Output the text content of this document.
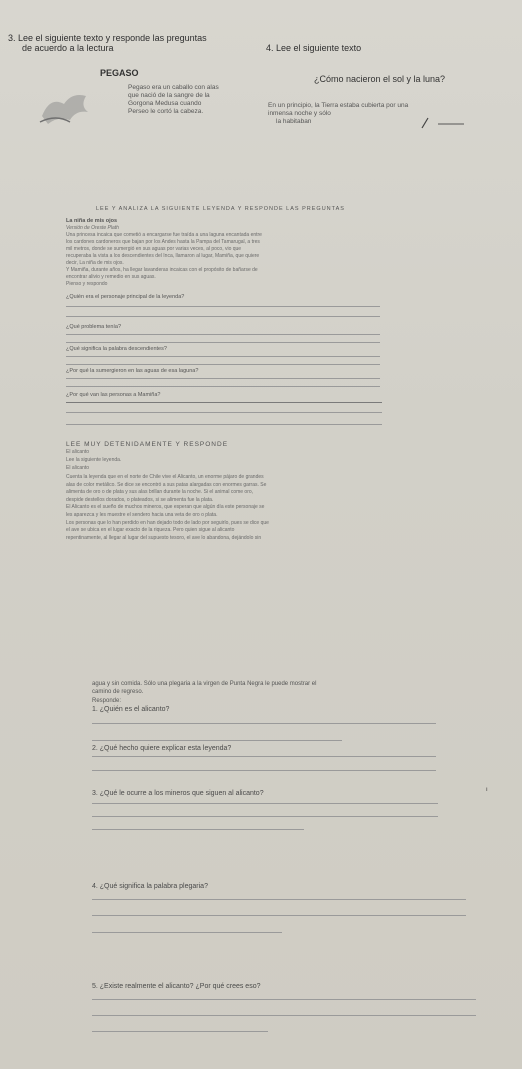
3. Lee el siguiente texto y responde las preguntas
de acuerdo a la lectura
PEGASO
Pegaso era un caballo con alas
que nació de la sangre de la
Gorgona Medusa cuando
Perseo le cortó la cabeza.
4. Lee el siguiente texto
¿Cómo nacieron el sol y la luna?
En un principio, la Tierra estaba cubierta por una
inmensa noche y sólo
la habitaban
LEE Y ANALIZA LA SIGUIENTE LEYENDA Y RESPONDE LAS PREGUNTAS
La niña de mis ojos
Versión de Oreste Plath
Una princesa incaica que cometió a encargarse fue traída a una laguna encantada entre
los cardones cardoneros que bajan por los Andes hasta la Pampa del Tamarugal, a tres
mil metros, donde se sumergió en sus aguas por varias veces, al poco, vio que
recuperaba la vista a los descendientes del Inca, llamaron al lugar, Mamiña, que quiere
decir, La niña de mis ojos.
Y Mamiña, durante años, ha llegar lavanderas incaicas con el propósito de bañarse de
encontrar alivio y remedio en sus aguas.
Pienso y respondo
¿Quién era el personaje principal de la leyenda?
¿Qué problema tenía?
¿Qué significa la palabra descendientes?
¿Por qué la sumergieron en las aguas de esa laguna?
¿Por qué van las personas a Mamiña?
LEE MUY DETENIDAMENTE Y RESPONDE
El alicanto
Lee la siguiente leyenda.
El alicanto
Cuenta la leyenda que en el norte de Chile vive el Alicanto, un enorme pájaro de grandes
alas de color metálico. Se dice se encontró a sus patas alargadas con enormes garras. Se
alimenta de oro o de plata y sus alas brillan durante la noche. Si el animal come oro,
despide destellos dorados, o plateados, si se alimenta fue la plata.
El Alicanto es el sueño de muchos mineros, que esperan que algún día este personaje se
les aparezca y les muestre el sendero hacia una veta de oro o plata.
Los personas que lo han perdido en han dejado todo de lado por seguirlo, pues se dice que
el ave se ubica en el lugar exacto de la riqueza. Pero quien sigue al alicanto
repentinamente, al llegar al lugar del supuesto tesoro, el ave lo abandona, dejándolo sin
agua y sin comida. Sólo una plegaria a la virgen de Punta Negra le puede mostrar el
camino de regreso.
Responde:
1. ¿Quién es el alicanto?
2. ¿Qué hecho quiere explicar esta leyenda?
3. ¿Qué le ocurre a los mineros que siguen al alicanto?	ı
4. ¿Qué significa la palabra plegaria?
5. ¿Existe realmente el alicanto? ¿Por qué crees eso?
